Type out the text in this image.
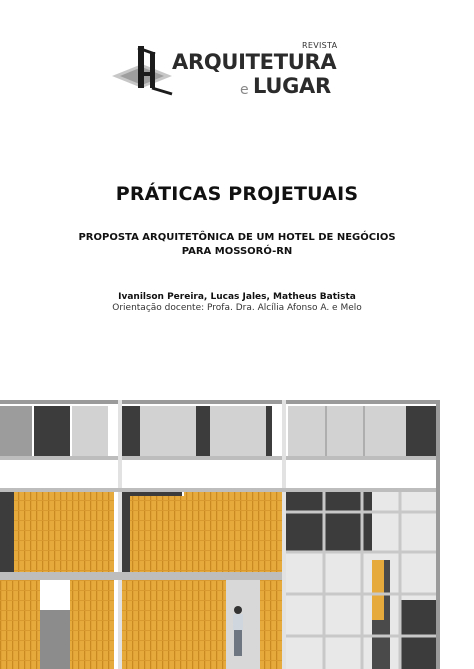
REVISTA
ARQUITETURA
e LUGAR
PRÁTICAS PROJETUAIS
PROPOSTA ARQUITETÔNICA DE UM HOTEL DE NEGÓCIOS
PARA MOSSORÓ-RN
Ivanilson Pereira, Lucas Jales, Matheus Batista
Orientação docente: Profa. Dra. Alcília Afonso A. e Melo
